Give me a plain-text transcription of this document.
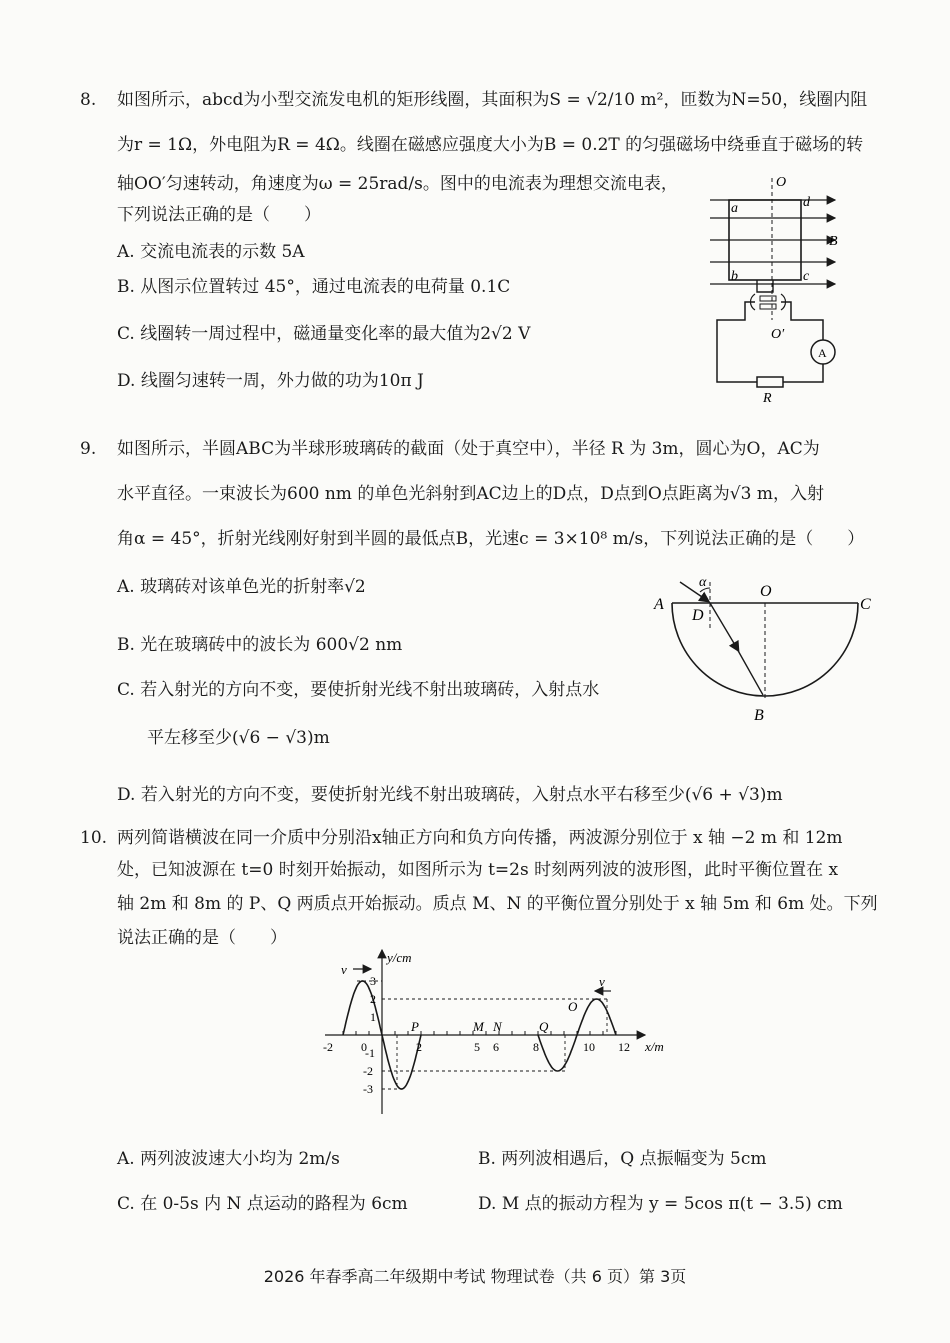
8. 如图所示，abcd为小型交流发电机的矩形线圈，其面积为S = √2/10 m²，匝数为N=50，线圈内阻
为r = 1Ω，外电阻为R = 4Ω。线圈在磁感应强度大小为B = 0.2T 的匀强磁场中绕垂直于磁场的转
轴OO′匀速转动，角速度为ω = 25rad/s。图中的电流表为理想交流电表，
下列说法正确的是（　　）
A. 交流电流表的示数 5A
B. 从图示位置转过 45°，通过电流表的电荷量 0.1C
C. 线圈转一周过程中，磁通量变化率的最大值为2√2 V
D. 线圈匀速转一周，外力做的功为10π J
O
a	d
B
b	c
O′
A
R
9. 如图所示，半圆ABC为半球形玻璃砖的截面（处于真空中），半径 R 为 3m，圆心为O，AC为
水平直径。一束波长为600 nm 的单色光斜射到AC边上的D点，D点到O点距离为√3 m，入射
角α = 45°，折射光线刚好射到半圆的最低点B，光速c = 3×10⁸ m/s，下列说法正确的是（　　）
A. 玻璃砖对该单色光的折射率√2
B. 光在玻璃砖中的波长为 600√2 nm
C. 若入射光的方向不变，要使折射光线不射出玻璃砖，入射点水
平左移至少(√6 − √3)m
D. 若入射光的方向不变，要使折射光线不射出玻璃砖，入射点水平右移至少(√6 + √3)m
α
O
A
D
C
B
10. 两列简谐横波在同一介质中分别沿x轴正方向和负方向传播，两波源分别位于 x 轴 −2 m 和 12m
处，已知波源在 t=0 时刻开始振动，如图所示为 t=2s 时刻两列波的波形图，此时平衡位置在 x
轴 2m 和 8m 的 P、Q 两质点开始振动。质点 M、N 的平衡位置分别处于 x 轴 5m 和 6m 处。下列
说法正确的是（　　）
3
2
1
-1
-2
-3
-2 0	2	5 6	8	10 12
y/cm
x/m
P	M N	Q
O
v
v
A. 两列波波速大小均为 2m/s	B. 两列波相遇后，Q 点振幅变为 5cm
C. 在 0-5s 内 N 点运动的路程为 6cm	D. M 点的振动方程为 y = 5cos π(t − 3.5) cm
2026 年春季高二年级期中考试 物理试卷（共 6 页）第 3页
